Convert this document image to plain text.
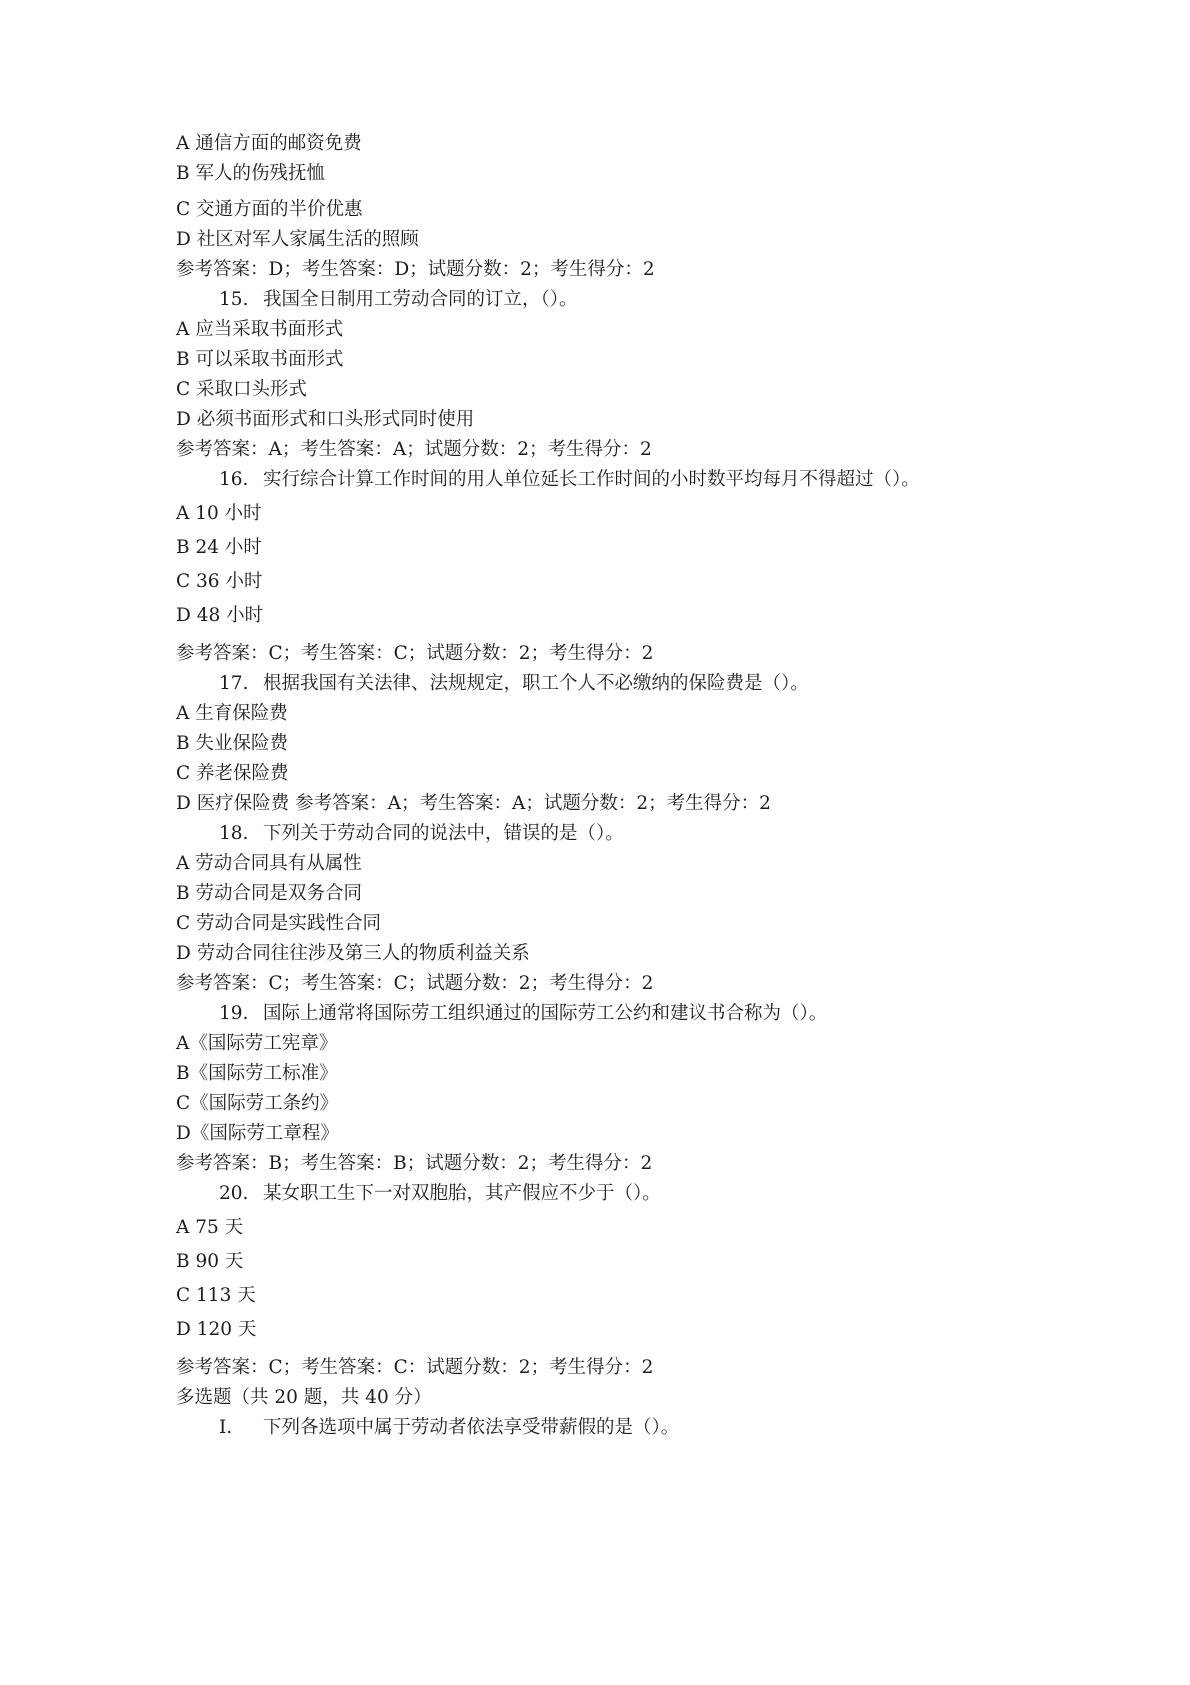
A 通信方面的邮资免费
B 军人的伤残抚恤
C 交通方面的半价优惠
D 社区对军人家属生活的照顾
参考答案：D；考生答案：D；试题分数：2；考生得分：2
15. 我国全日制用工劳动合同的订立，（）。
A 应当采取书面形式
B 可以采取书面形式
C 采取口头形式
D 必须书面形式和口头形式同时使用
参考答案：A；考生答案：A；试题分数：2；考生得分：2
16. 实行综合计算工作时间的用人单位延长工作时间的小时数平均每月不得超过（）。
A 10 小时
B 24 小时
C 36 小时
D 48 小时
参考答案：C；考生答案：C；试题分数：2；考生得分：2
17. 根据我国有关法律、法规规定，职工个人不必缴纳的保险费是（）。
A 生育保险费
B 失业保险费
C 养老保险费
D 医疗保险费 参考答案：A；考生答案：A；试题分数：2；考生得分：2
18. 下列关于劳动合同的说法中，错误的是（）。
A 劳动合同具有从属性
B 劳动合同是双务合同
C 劳动合同是实践性合同
D 劳动合同往往涉及第三人的物质利益关系
参考答案：C；考生答案：C；试题分数：2；考生得分：2
19. 国际上通常将国际劳工组织通过的国际劳工公约和建议书合称为（）。
A《国际劳工宪章》
B《国际劳工标准》
C《国际劳工条约》
D《国际劳工章程》
参考答案：B；考生答案：B；试题分数：2；考生得分：2
20. 某女职工生下一对双胞胎，其产假应不少于（）。
A 75 天
B 90 天
C 113 天
D 120 天
参考答案：C；考生答案：C：试题分数：2；考生得分：2
多选题（共 20 题，共 40 分）
I. 下列各选项中属于劳动者依法享受带薪假的是（）。
